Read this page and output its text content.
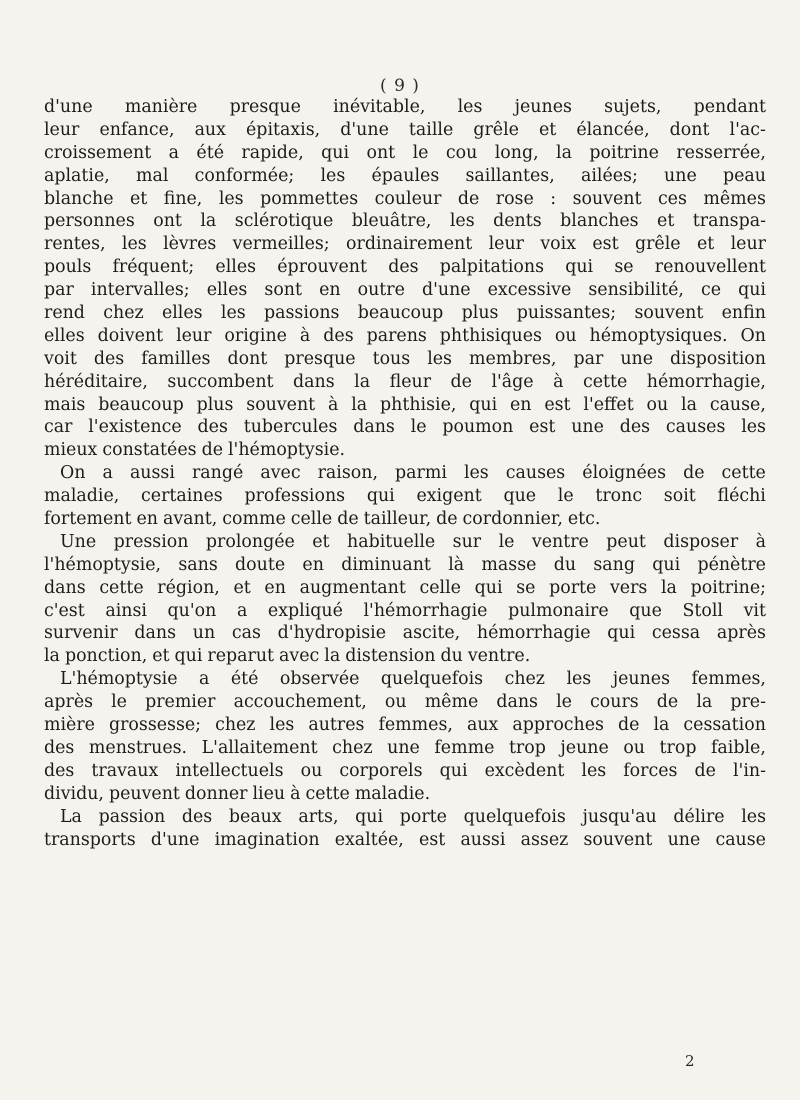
( 9 )
d'une manière presque inévitable, les jeunes sujets, pendant
leur enfance, aux épitaxis, d'une taille grêle et élancée, dont l'ac-
croissement a été rapide, qui ont le cou long, la poitrine resserrée,
aplatie, mal conformée; les épaules saillantes, ailées; une peau
blanche et fine, les pommettes couleur de rose : souvent ces mêmes
personnes ont la sclérotique bleuâtre, les dents blanches et transpa-
rentes, les lèvres vermeilles; ordinairement leur voix est grêle et leur
pouls fréquent; elles éprouvent des palpitations qui se renouvellent
par intervalles; elles sont en outre d'une excessive sensibilité, ce qui
rend chez elles les passions beaucoup plus puissantes; souvent enfin
elles doivent leur origine à des parens phthisiques ou hémoptysiques. On
voit des familles dont presque tous les membres, par une disposition
héréditaire, succombent dans la fleur de l'âge à cette hémorrhagie,
mais beaucoup plus souvent à la phthisie, qui en est l'effet ou la cause,
car l'existence des tubercules dans le poumon est une des causes les
mieux constatées de l'hémoptysie.
On a aussi rangé avec raison, parmi les causes éloignées de cette
maladie, certaines professions qui exigent que le tronc soit fléchi
fortement en avant, comme celle de tailleur, de cordonnier, etc.
Une pression prolongée et habituelle sur le ventre peut disposer à
l'hémoptysie, sans doute en diminuant là masse du sang qui pénètre
dans cette région, et en augmentant celle qui se porte vers la poitrine;
c'est ainsi qu'on a expliqué l'hémorrhagie pulmonaire que Stoll vit
survenir dans un cas d'hydropisie ascite, hémorrhagie qui cessa après
la ponction, et qui reparut avec la distension du ventre.
L'hémoptysie a été observée quelquefois chez les jeunes femmes,
après le premier accouchement, ou même dans le cours de la pre-
mière grossesse; chez les autres femmes, aux approches de la cessation
des menstrues. L'allaitement chez une femme trop jeune ou trop faible,
des travaux intellectuels ou corporels qui excèdent les forces de l'in-
dividu, peuvent donner lieu à cette maladie.
La passion des beaux arts, qui porte quelquefois jusqu'au délire les
transports d'une imagination exaltée, est aussi assez souvent une cause
2
